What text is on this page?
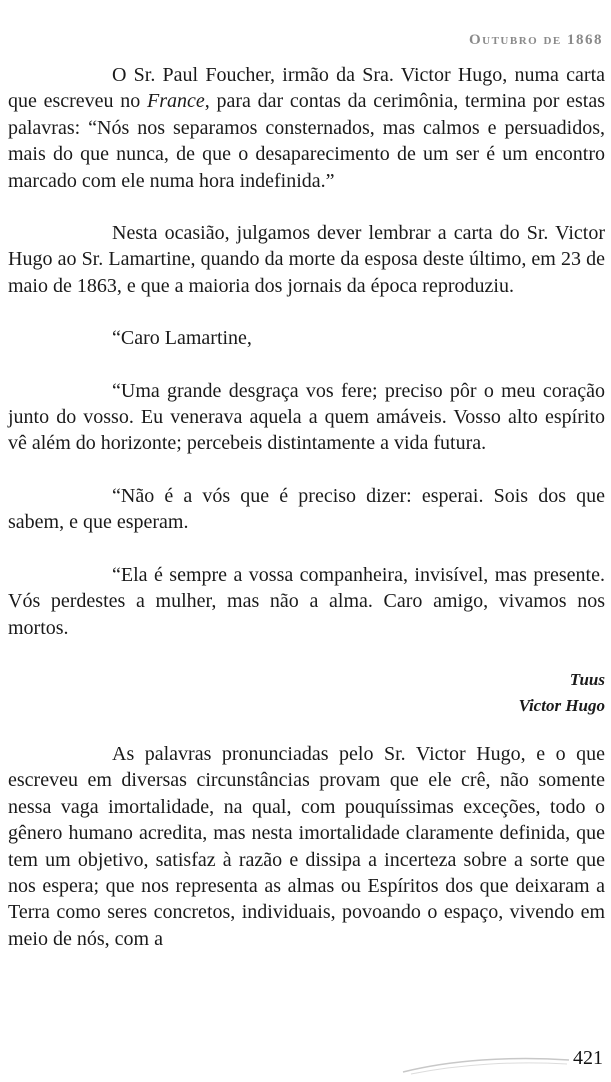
Outubro de 1868

O Sr. Paul Foucher, irmão da Sra. Victor Hugo, numa carta que escreveu no France, para dar contas da cerimônia, termina por estas palavras: “Nós nos separamos consternados, mas calmos e persuadidos, mais do que nunca, de que o desaparecimento de um ser é um encontro marcado com ele numa hora indefinida.”

Nesta ocasião, julgamos dever lembrar a carta do Sr. Victor Hugo ao Sr. Lamartine, quando da morte da esposa deste último, em 23 de maio de 1863, e que a maioria dos jornais da época reproduziu.

“Caro Lamartine,

“Uma grande desgraça vos fere; preciso pôr o meu coração junto do vosso. Eu venerava aquela a quem amáveis. Vosso alto espírito vê além do horizonte; percebeis distintamente a vida futura.

“Não é a vós que é preciso dizer: esperai. Sois dos que sabem, e que esperam.

“Ela é sempre a vossa companheira, invisível, mas presente. Vós perdestes a mulher, mas não a alma. Caro amigo, vivamos nos mortos.

Tuus
Victor Hugo

As palavras pronunciadas pelo Sr. Victor Hugo, e o que escreveu em diversas circunstâncias provam que ele crê, não somente nessa vaga imortalidade, na qual, com pouquíssimas exceções, todo o gênero humano acredita, mas nesta imortalidade claramente definida, que tem um objetivo, satisfaz à razão e dissipa a incerteza sobre a sorte que nos espera; que nos representa as almas ou Espíritos dos que deixaram a Terra como seres concretos, individuais, povoando o espaço, vivendo em meio de nós, com a

421
